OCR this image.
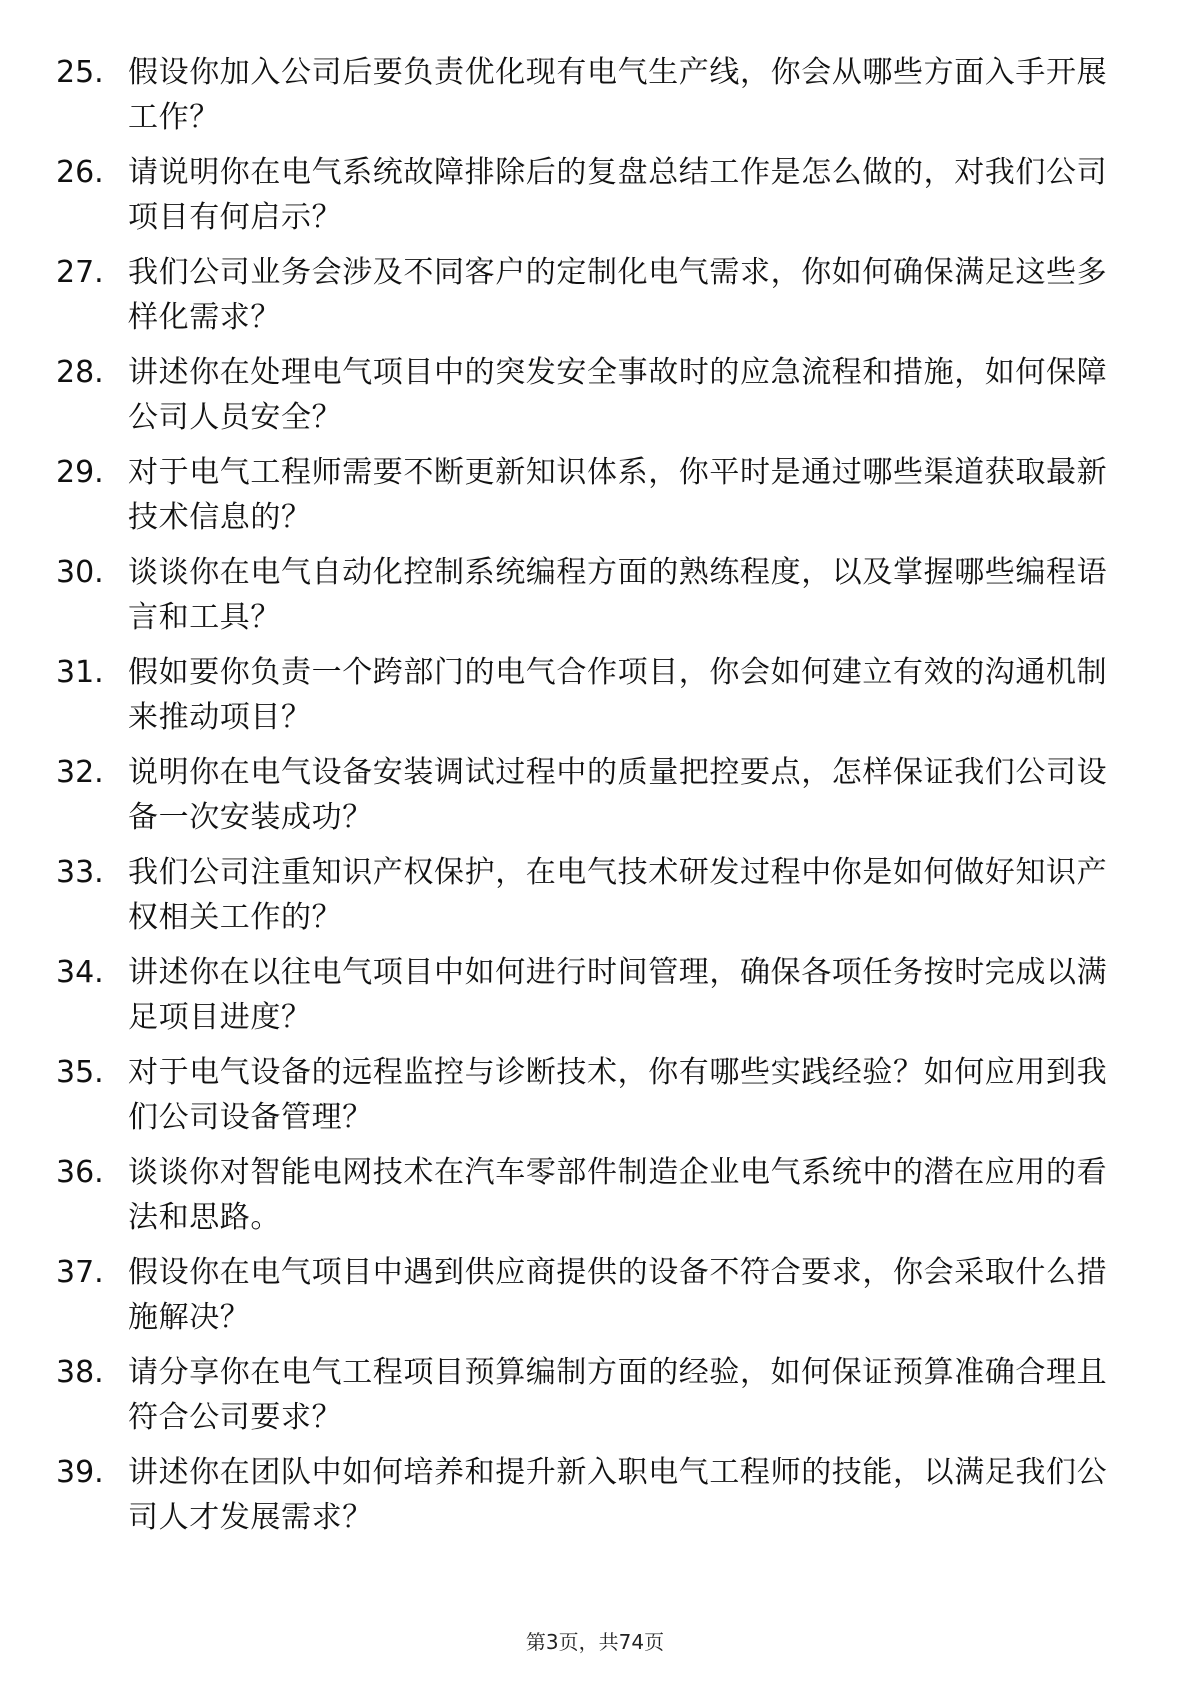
25. 假设你加入公司后要负责优化现有电气生产线，你会从哪些方面入手开展工作？
26. 请说明你在电气系统故障排除后的复盘总结工作是怎么做的，对我们公司项目有何启示？
27. 我们公司业务会涉及不同客户的定制化电气需求，你如何确保满足这些多样化需求？
28. 讲述你在处理电气项目中的突发安全事故时的应急流程和措施，如何保障公司人员安全？
29. 对于电气工程师需要不断更新知识体系，你平时是通过哪些渠道获取最新技术信息的？
30. 谈谈你在电气自动化控制系统编程方面的熟练程度，以及掌握哪些编程语言和工具？
31. 假如要你负责一个跨部门的电气合作项目，你会如何建立有效的沟通机制来推动项目？
32. 说明你在电气设备安装调试过程中的质量把控要点，怎样保证我们公司设备一次安装成功？
33. 我们公司注重知识产权保护，在电气技术研发过程中你是如何做好知识产权相关工作的？
34. 讲述你在以往电气项目中如何进行时间管理，确保各项任务按时完成以满足项目进度？
35. 对于电气设备的远程监控与诊断技术，你有哪些实践经验？如何应用到我们公司设备管理？
36. 谈谈你对智能电网技术在汽车零部件制造企业电气系统中的潜在应用的看法和思路。
37. 假设你在电气项目中遇到供应商提供的设备不符合要求，你会采取什么措施解决？
38. 请分享你在电气工程项目预算编制方面的经验，如何保证预算准确合理且符合公司要求？
39. 讲述你在团队中如何培养和提升新入职电气工程师的技能，以满足我们公司人才发展需求？
第3页，共74页
